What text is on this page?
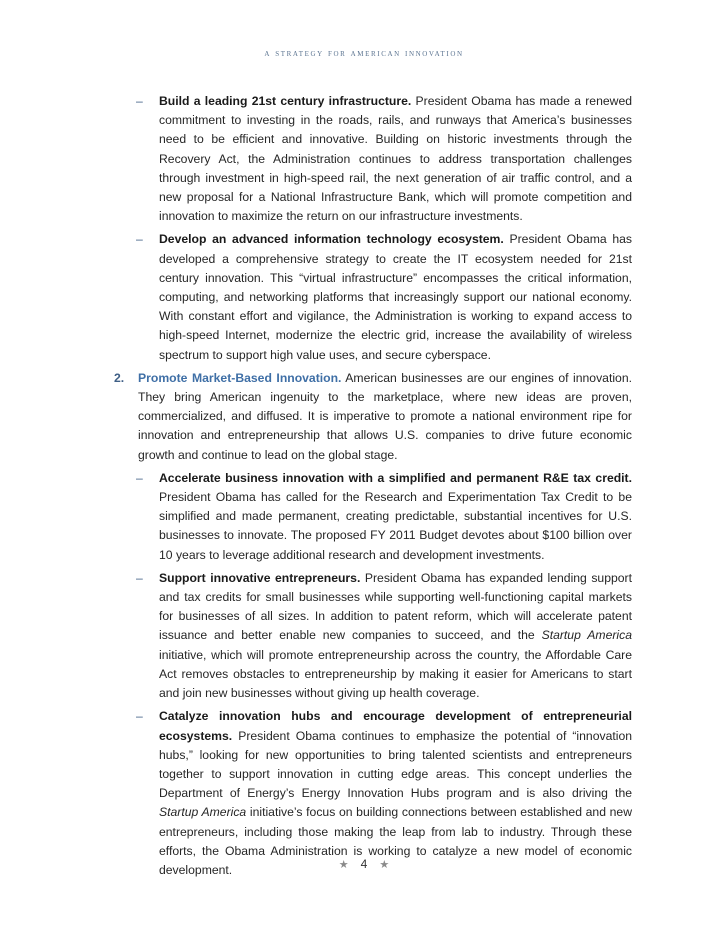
a strategy for american innovation
– Build a leading 21st century infrastructure. President Obama has made a renewed commitment to investing in the roads, rails, and runways that America’s businesses need to be efficient and innovative. Building on historic investments through the Recovery Act, the Administration continues to address transportation challenges through investment in high-speed rail, the next generation of air traffic control, and a new proposal for a National Infrastructure Bank, which will promote competition and innovation to maximize the return on our infrastructure investments.
– Develop an advanced information technology ecosystem. President Obama has developed a comprehensive strategy to create the IT ecosystem needed for 21st century innovation. This “virtual infrastructure” encompasses the critical information, computing, and networking platforms that increasingly support our national economy. With constant effort and vigilance, the Administration is working to expand access to high-speed Internet, modernize the electric grid, increase the availability of wireless spectrum to support high value uses, and secure cyberspace.
2. Promote Market-Based Innovation. American businesses are our engines of innovation. They bring American ingenuity to the marketplace, where new ideas are proven, commercialized, and diffused. It is imperative to promote a national environment ripe for innovation and entrepreneurship that allows U.S. companies to drive future economic growth and continue to lead on the global stage.
– Accelerate business innovation with a simplified and permanent R&E tax credit. President Obama has called for the Research and Experimentation Tax Credit to be simplified and made permanent, creating predictable, substantial incentives for U.S. businesses to innovate. The proposed FY 2011 Budget devotes about $100 billion over 10 years to leverage additional research and development investments.
– Support innovative entrepreneurs. President Obama has expanded lending support and tax credits for small businesses while supporting well-functioning capital markets for businesses of all sizes. In addition to patent reform, which will accelerate patent issuance and better enable new companies to succeed, and the Startup America initiative, which will promote entrepreneurship across the country, the Affordable Care Act removes obstacles to entrepreneurship by making it easier for Americans to start and join new businesses without giving up health coverage.
– Catalyze innovation hubs and encourage development of entrepreneurial ecosystems. President Obama continues to emphasize the potential of “innovation hubs,” looking for new opportunities to bring talented scientists and entrepreneurs together to support innovation in cutting edge areas. This concept underlies the Department of Energy’s Energy Innovation Hubs program and is also driving the Startup America initiative’s focus on building connections between established and new entrepreneurs, including those making the leap from lab to industry. Through these efforts, the Obama Administration is working to catalyze a new model of economic development.	★ 4 ★
